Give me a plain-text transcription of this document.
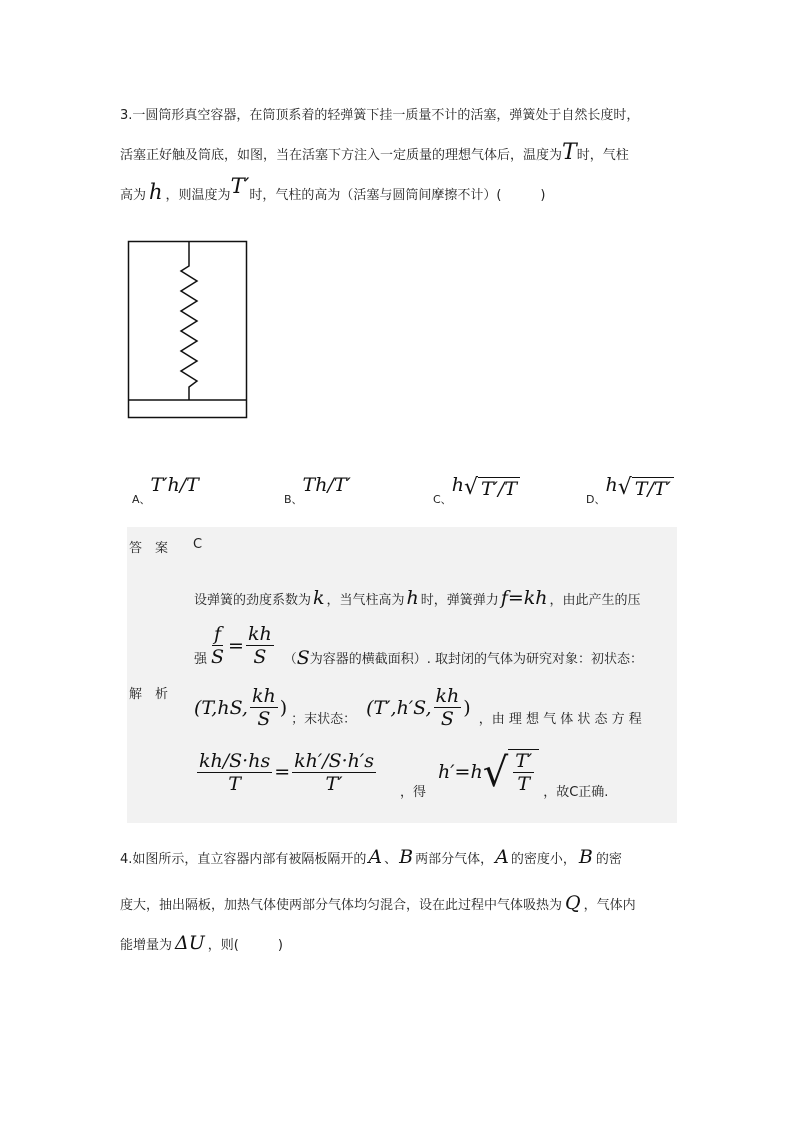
3.一圆筒形真空容器，在筒顶系着的轻弹簧下挂一质量不计的活塞，弹簧处于自然长度时，
活塞正好触及筒底，如图，当在活塞下方注入一定质量的理想气体后，温度为T时，气柱
高为 h ，则温度为T′时，气柱的高为（活塞与圆筒间摩擦不计）(　　　)
$_{A、}$T′h/T
$_{B、}$Th/T′
$_{C、}$h √ T′/T	$_{D、}$h √ T/T′
答　案 C
解　析
设弹簧的劲度系数为 k ，当气柱高为 h 时，弹簧弹力 f=kh ，由此产生的压
强 $\frac{f}{S} = \frac{kh}{S}$ （ S 为容器的横截面积）. 取封闭的气体为研究对象：初状态：
(T,hS, $\frac{kh}{S}$ )
；末状态：
(T′,h′S, $\frac{kh}{S}$ )
，由 理 想 气 体 状 态 方 程
$\frac{kh/S\cdot hs}{T} = \frac{kh'/S\cdot h's}{T'}$ ，得
h′=h √ $\frac{T'}{T}$ ，故C正确.
4.如图所示，直立容器内部有被隔板隔开的 A 、 B 两部分气体， A 的密度小， B 的密
度大，抽出隔板，加热气体使两部分气体均匀混合，设在此过程中气体吸热为 Q ，气体内
能增量为 ΔU ，则(　　　)
